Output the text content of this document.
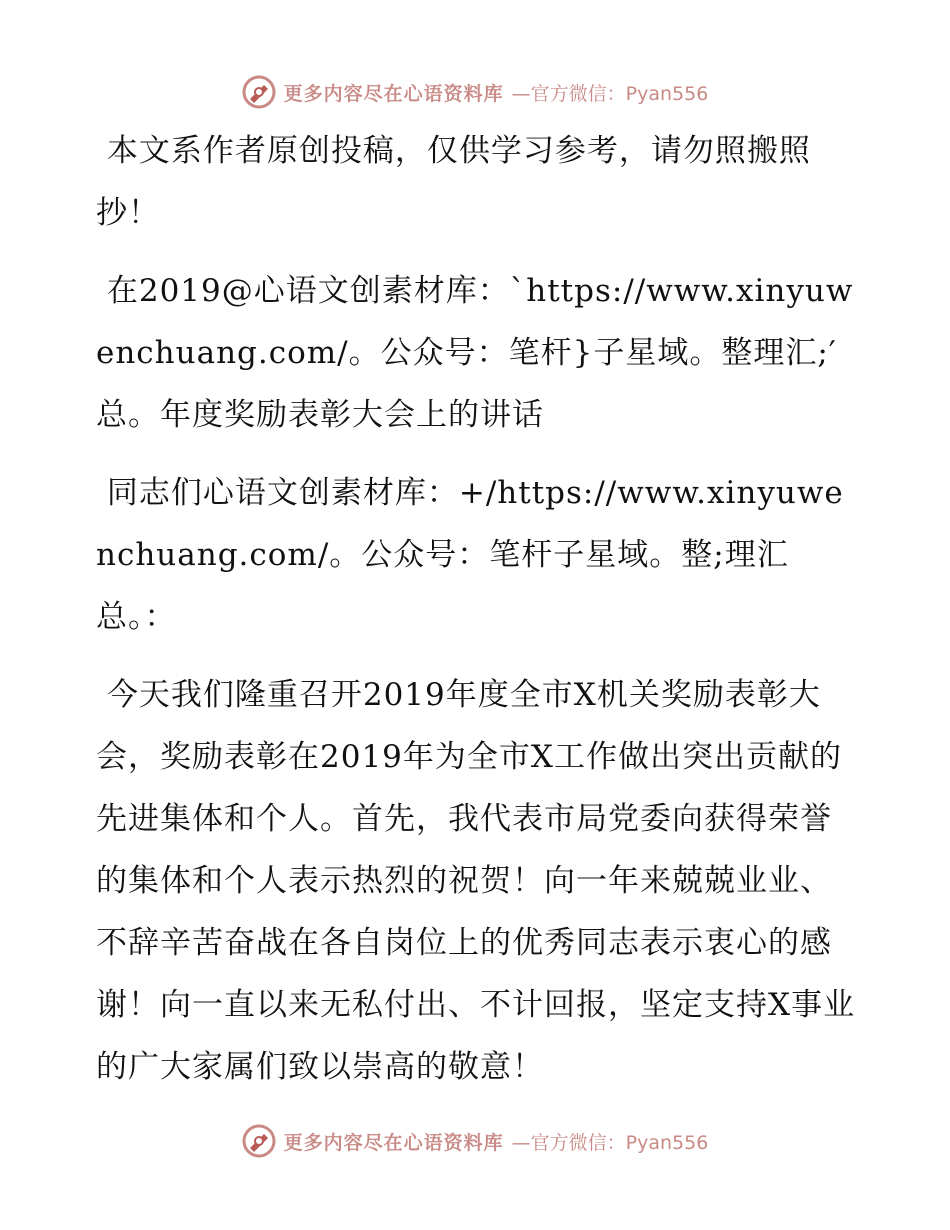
更多内容尽在心语资料库 —官方微信：Pyan556

本文系作者原创投稿，仅供学习参考，请勿照搬照抄！

在2019@心语文创素材库：`https://www.xinyuwenchuang.com/。公众号：笔杆}子星域。整理汇;′总。年度奖励表彰大会上的讲话

同志们心语文创素材库：+/https://www.xinyuwenchuang.com/。公众号：笔杆子星域。整;理汇总。：

今天我们隆重召开2019年度全市X机关奖励表彰大会，奖励表彰在2019年为全市X工作做出突出贡献的先进集体和个人。首先，我代表市局党委向获得荣誉的集体和个人表示热烈的祝贺！向一年来兢兢业业、不辞辛苦奋战在各自岗位上的优秀同志表示衷心的感谢！向一直以来无私付出、不计回报，坚定支持X事业的广大家属们致以崇高的敬意！

更多内容尽在心语资料库 —官方微信：Pyan556
